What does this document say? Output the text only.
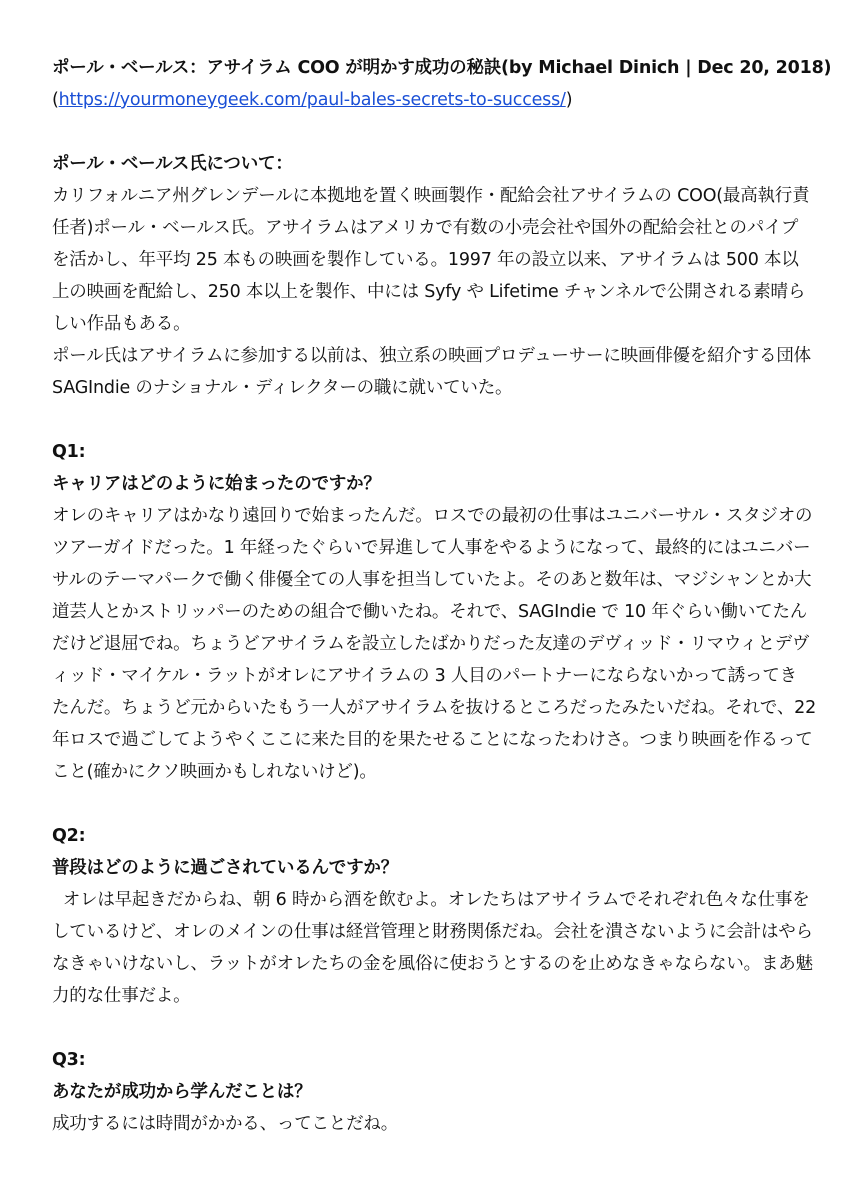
ポール・ベールス：アサイラム COO が明かす成功の秘訣(by Michael Dinich | Dec 20, 2018)
(https://yourmoneygeek.com/paul-bales-secrets-to-success/)
ポール・ベールス氏について：
カリフォルニア州グレンデールに本拠地を置く映画製作・配給会社アサイラムの COO(最高執行責
任者)ポール・ベールス氏。アサイラムはアメリカで有数の小売会社や国外の配給会社とのパイプ
を活かし、年平均 25 本もの映画を製作している。1997 年の設立以来、アサイラムは 500 本以
上の映画を配給し、250 本以上を製作、中には Syfy や Lifetime チャンネルで公開される素晴ら
しい作品もある。
ポール氏はアサイラムに参加する以前は、独立系の映画プロデューサーに映画俳優を紹介する団体
SAGIndie のナショナル・ディレクターの職に就いていた。
Q1:
キャリアはどのように始まったのですか？
オレのキャリアはかなり遠回りで始まったんだ。ロスでの最初の仕事はユニバーサル・スタジオの
ツアーガイドだった。1 年経ったぐらいで昇進して人事をやるようになって、最終的にはユニバー
サルのテーマパークで働く俳優全ての人事を担当していたよ。そのあと数年は、マジシャンとか大
道芸人とかストリッパーのための組合で働いたね。それで、SAGIndie で 10 年ぐらい働いてたん
だけど退屈でね。ちょうどアサイラムを設立したばかりだった友達のデヴィッド・リマウィとデヴ
ィッド・マイケル・ラットがオレにアサイラムの 3 人目のパートナーにならないかって誘ってき
たんだ。ちょうど元からいたもう一人がアサイラムを抜けるところだったみたいだね。それで、22
年ロスで過ごしてようやくここに来た目的を果たせることになったわけさ。つまり映画を作るって
こと(確かにクソ映画かもしれないけど)。
Q2:
普段はどのように過ごされているんですか？
オレは早起きだからね、朝 6 時から酒を飲むよ。オレたちはアサイラムでそれぞれ色々な仕事を
しているけど、オレのメインの仕事は経営管理と財務関係だね。会社を潰さないように会計はやら
なきゃいけないし、ラットがオレたちの金を風俗に使おうとするのを止めなきゃならない。まあ魅
力的な仕事だよ。
Q3:
あなたが成功から学んだことは？
成功するには時間がかかる、ってことだね。
